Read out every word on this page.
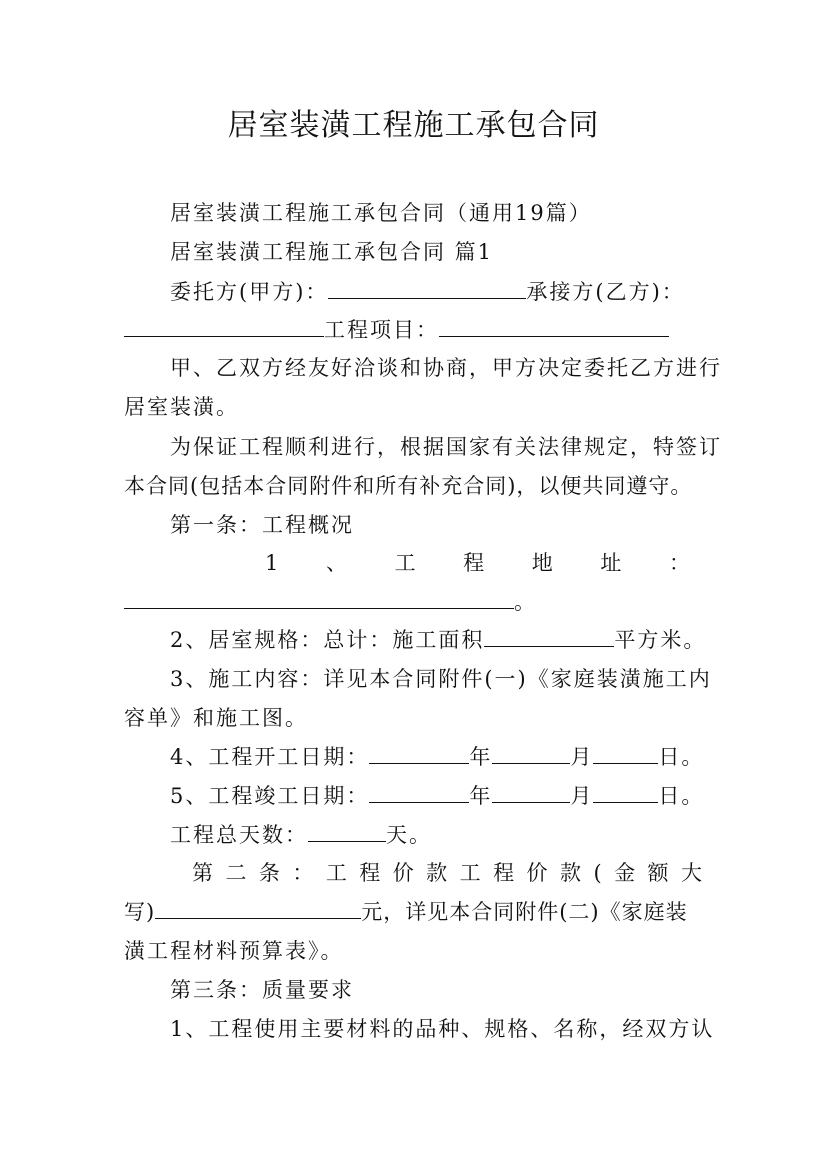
居室装潢工程施工承包合同
居室装潢工程施工承包合同（通用19篇）
居室装潢工程施工承包合同 篇1
委托方(甲方)：	承接方(乙方)：
工程项目：
甲、乙双方经友好洽谈和协商，甲方决定委托乙方进行
居室装潢。
为保证工程顺利进行，根据国家有关法律规定，特签订
本合同(包括本合同附件和所有补充合同)，以便共同遵守。
第一条：工程概况
1 、 工 程 地 址 ：
。
2、居室规格：总计：施工面积	平方米。
3、施工内容：详见本合同附件(一)《家庭装潢施工内
容单》和施工图。
4、工程开工日期：	年	月	日。
5、工程竣工日期：	年	月	日。
工程总天数：	天。
第 二 条 ： 工 程 价 款 工 程 价 款 ( 金 额 大
写)	元，详见本合同附件(二)《家庭装
潢工程材料预算表》。
第三条：质量要求
1、工程使用主要材料的品种、规格、名称，经双方认
